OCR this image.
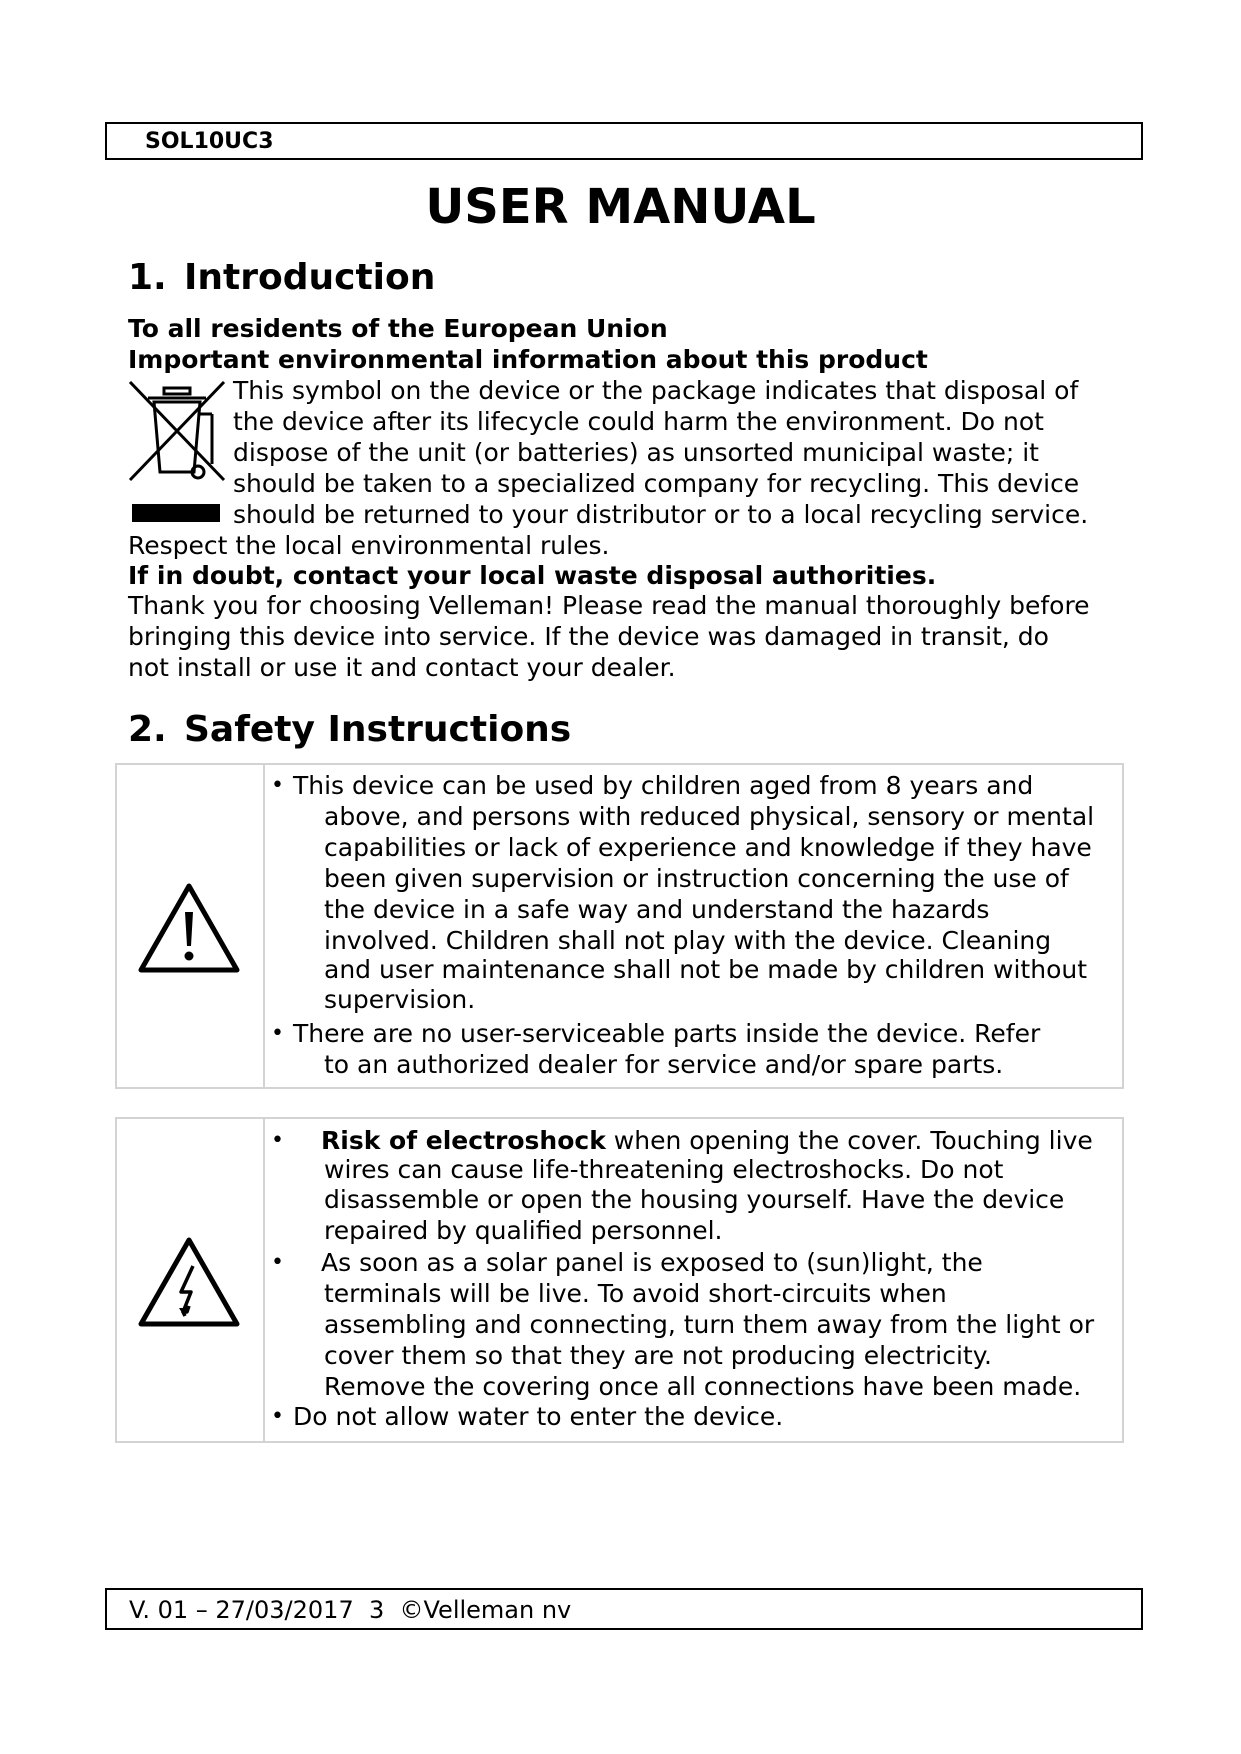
SOL10UC3
USER MANUAL
1. Introduction
To all residents of the European Union
Important environmental information about this product
This symbol on the device or the package indicates that disposal of
the device after its lifecycle could harm the environment. Do not
dispose of the unit (or batteries) as unsorted municipal waste; it
should be taken to a specialized company for recycling. This device
should be returned to your distributor or to a local recycling service.
Respect the local environmental rules.
If in doubt, contact your local waste disposal authorities.
Thank you for choosing Velleman! Please read the manual thoroughly before
bringing this device into service. If the device was damaged in transit, do
not install or use it and contact your dealer.
2. Safety Instructions
• This device can be used by children aged from 8 years and
above, and persons with reduced physical, sensory or mental
capabilities or lack of experience and knowledge if they have
been given supervision or instruction concerning the use of
the device in a safe way and understand the hazards
involved. Children shall not play with the device. Cleaning
and user maintenance shall not be made by children without
supervision.
• There are no user-serviceable parts inside the device. Refer
to an authorized dealer for service and/or spare parts.
• Risk of electroshock when opening the cover. Touching live
wires can cause life-threatening electroshocks. Do not
disassemble or open the housing yourself. Have the device
repaired by qualified personnel.
• As soon as a solar panel is exposed to (sun)light, the
terminals will be live. To avoid short-circuits when
assembling and connecting, turn them away from the light or
cover them so that they are not producing electricity.
Remove the covering once all connections have been made.
• Do not allow water to enter the device.
V. 01 – 27/03/2017  3  ©Velleman nv
